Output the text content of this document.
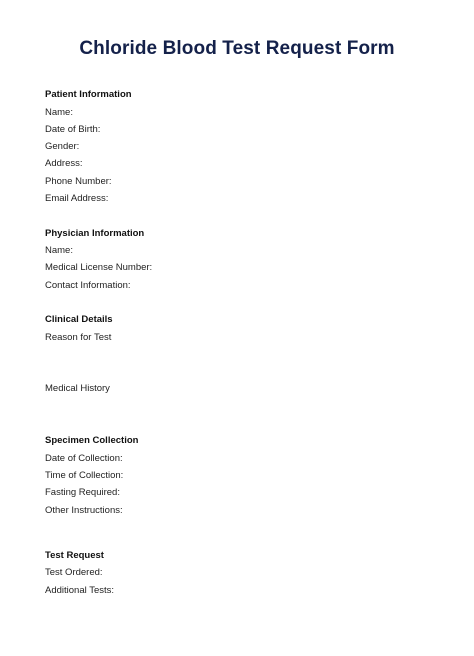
Chloride Blood Test Request Form
Patient Information
Name:
Date of Birth:
Gender:
Address:
Phone Number:
Email Address:
Physician Information
Name:
Medical License Number:
Contact Information:
Clinical Details
Reason for Test
Medical History
Specimen Collection
Date of Collection:
Time of Collection:
Fasting Required:
Other Instructions:
Test Request
Test Ordered:
Additional Tests:
